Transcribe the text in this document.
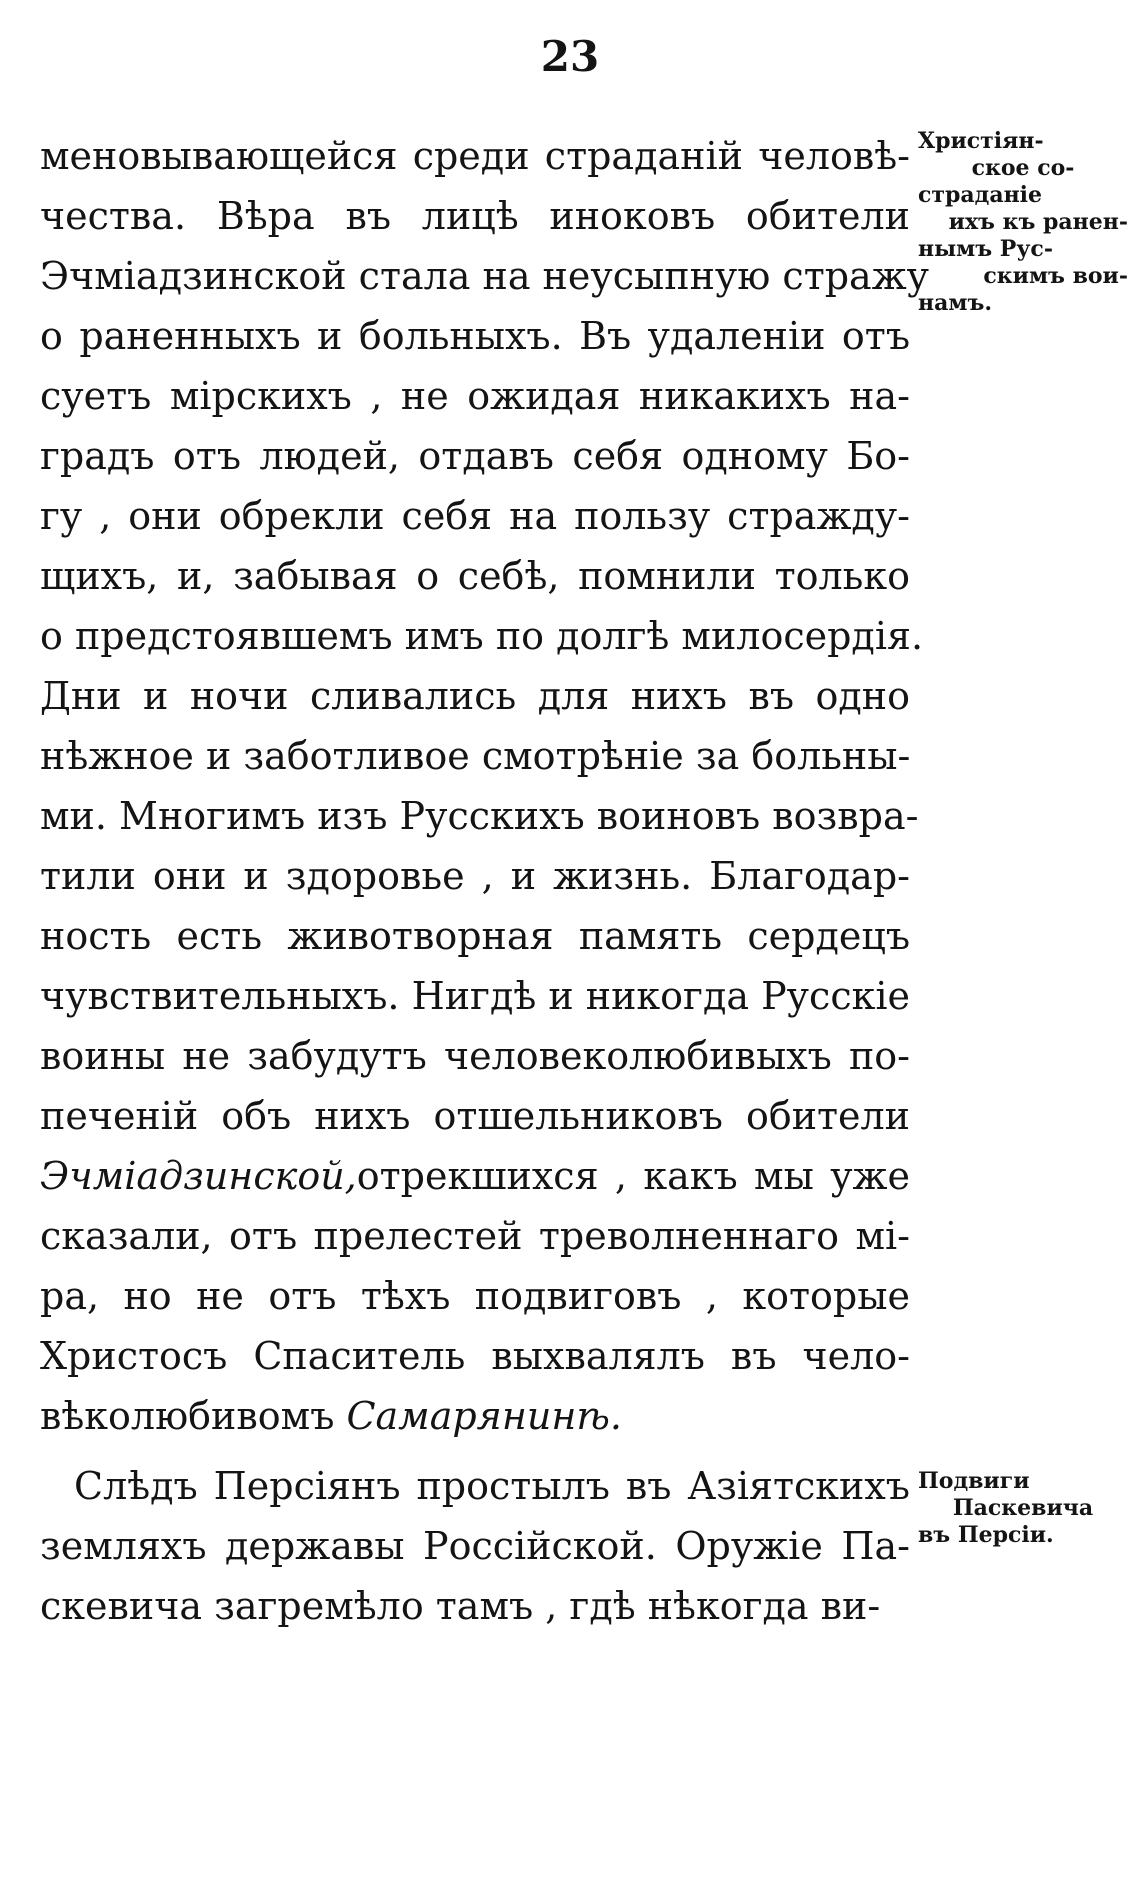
23
меновывающейся среди страданій человѣ-
чества. Вѣра въ лицѣ иноковъ обители
Эчміадзинской стала на неусыпную стражу
о раненныхъ и больныхъ. Въ удаленіи отъ
суетъ мірскихъ , не ожидая никакихъ на-
градъ отъ людей, отдавъ себя одному Бо-
гу , они обрекли себя на пользу стражду-
щихъ, и, забывая о себѣ, помнили только
о предстоявшемъ имъ по долгѣ милосердія.
Дни и ночи сливались для нихъ въ одно
нѣжное и заботливое смотрѣніе за больны-
ми. Многимъ изъ Русскихъ воиновъ возвра-
тили они и здоровье , и жизнь. Благодар-
ность есть животворная память сердецъ
чувствительныхъ. Нигдѣ и никогда Русскіе
воины не забудутъ человеколюбивыхъ по-
печеній объ нихъ отшельниковъ обители
Эчміадзинской, отрекшихся , какъ мы уже
сказали, отъ прелестей треволненнаго мі-
ра, но не отъ тѣхъ подвиговъ , которые
Христосъ Спаситель выхвалялъ въ чело-
вѣколюбивомъ Самарянинѣ.
Слѣдъ Персіянъ простылъ въ Азіятскихъ
земляхъ державы Россійской. Оружіе Па-
скевича загремѣло тамъ , гдѣ нѣкогда ви-
Христіян-
ское со-
страданіе
ихъ къ ранен-
нымъ Рус-
скимъ вои-
намъ.
Подвиги
Паскевича
въ Персіи.
